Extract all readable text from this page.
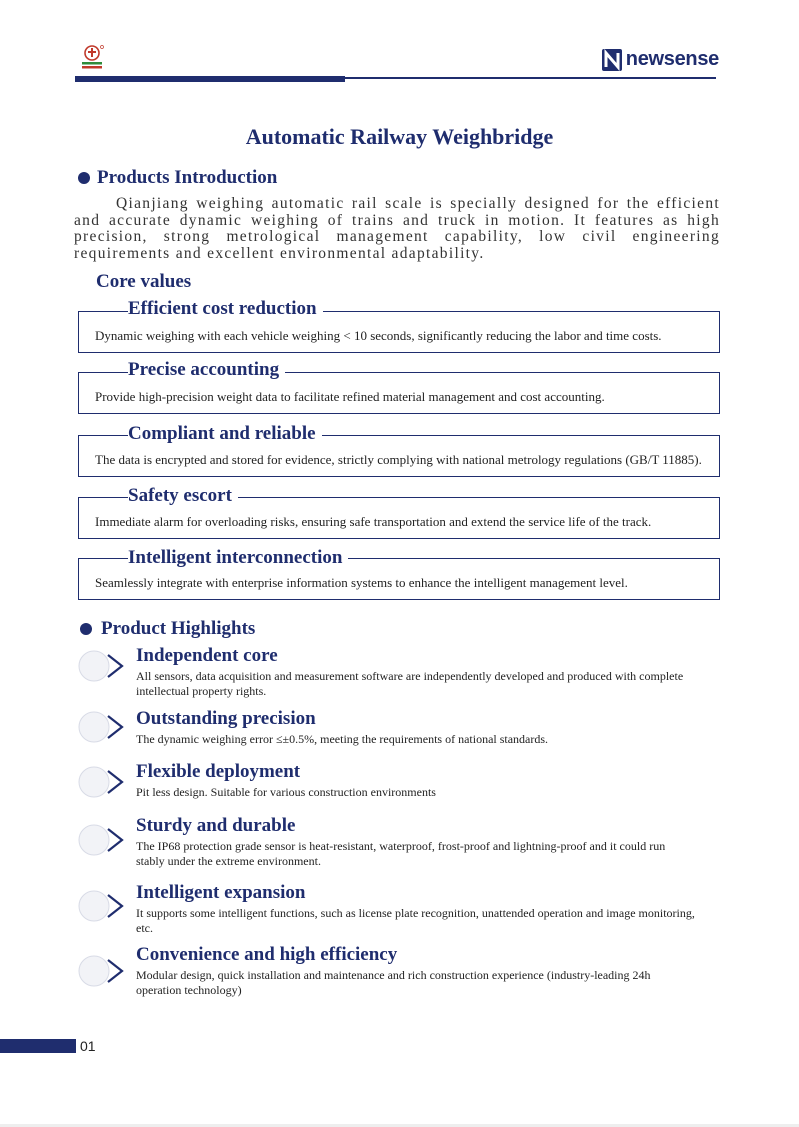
newsense
Automatic Railway Weighbridge
Products Introduction
Qianjiang weighing automatic rail scale is specially designed for the efficient and accurate dynamic weighing of trains and truck in motion. It features as high precision, strong metrological management capability, low civil engineering requirements and excellent environmental adaptability.
Core values
Dynamic weighing with each vehicle weighing < 10 seconds, significantly reducing the labor and time costs.
Efficient cost reduction
Provide high-precision weight data to facilitate refined material management and cost accounting.
Precise accounting
The data is encrypted and stored for evidence, strictly complying with national metrology regulations (GB/T 11885).
Compliant and reliable
Immediate alarm for overloading risks, ensuring safe transportation and extend the service life of the track.
Safety escort
Seamlessly integrate with enterprise information systems to enhance the intelligent management level.
Intelligent interconnection
Product Highlights
Independent core
All sensors, data acquisition and measurement software are independently developed and produced with complete intellectual property rights.
Outstanding precision
The dynamic weighing error ≤±0.5%, meeting the requirements of national standards.
Flexible deployment
Pit less design. Suitable for various construction environments
Sturdy and durable
The IP68 protection grade sensor is heat-resistant, waterproof, frost-proof and lightning-proof and it could run stably under the extreme environment.
Intelligent expansion
It supports some intelligent functions, such as license plate recognition, unattended operation and image monitoring, etc.
Convenience and high efficiency
Modular design, quick installation and maintenance and rich construction experience (industry-leading 24h operation technology)
01
